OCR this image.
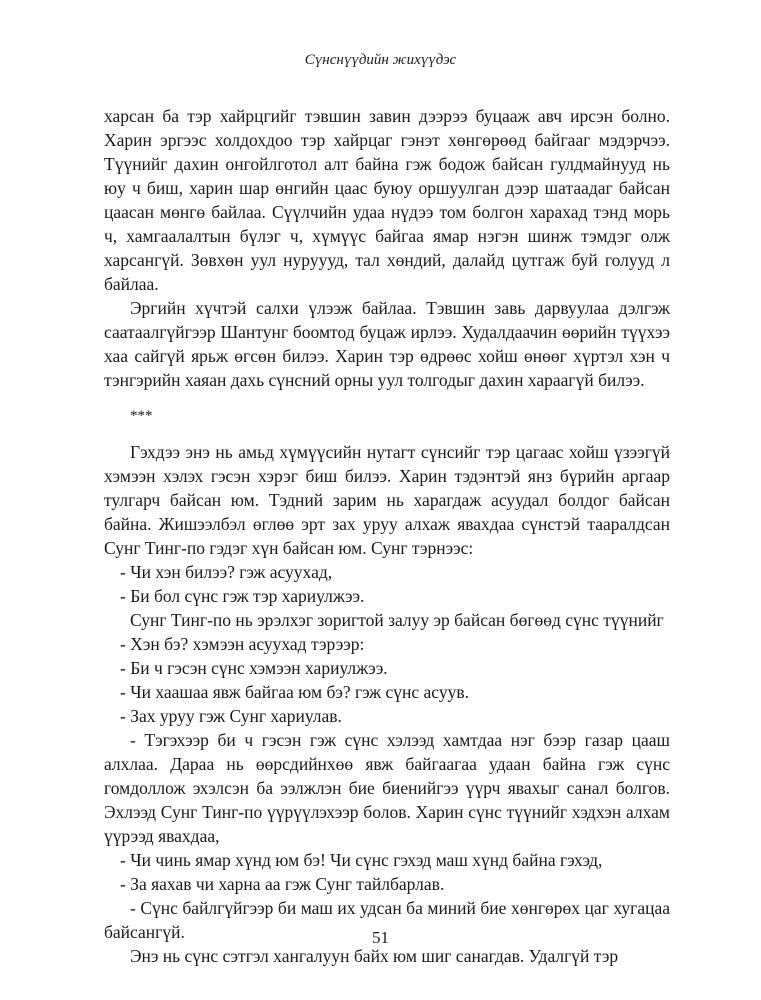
Сүнснүүдийн жихүүдэс

харсан ба тэр хайрцгийг тэвшин завин дээрээ буцааж авч ирсэн болно. Харин эргээс холдохдоо тэр хайрцаг гэнэт хөнгөрөөд байгааг мэдэрчээ. Түүнийг дахин онгойлготол алт байна гэж бодож байсан гулдмайнууд нь юу ч биш, харин шар өнгийн цаас буюу оршуулган дээр шатаадаг байсан цаасан мөнгө байлаа. Сүүлчийн удаа нүдээ том болгон харахад тэнд морь ч, хамгаалалтын бүлэг ч, хүмүүс байгаа ямар нэгэн шинж тэмдэг олж харсангүй. Зөвхөн уул нуруууд, тал хөндий, далайд цутгаж буй голууд л байлаа.

Эргийн хүчтэй салхи үлээж байлаа. Тэвшин завь дарвуулаа дэлгэж саатаалгүйгээр Шантунг боомтод буцаж ирлээ. Худалдаачин өөрийн түүхээ хаа сайгүй ярьж өгсөн билээ. Харин тэр өдрөөс хойш өнөөг хүртэл хэн ч тэнгэрийн хаяан дахь сүнсний орны уул толгодыг дахин хараагүй билээ.

***

Гэхдээ энэ нь амьд хүмүүсийн нутагт сүнсийг тэр цагаас хойш үзээгүй хэмээн хэлэх гэсэн хэрэг биш билээ. Харин тэдэнтэй янз бүрийн аргаар тулгарч байсан юм. Тэдний зарим нь харагдаж асуудал болдог байсан байна. Жишээлбэл өглөө эрт зах уруу алхаж явахдаа сүнстэй таарaлдсан Сунг Тинг-по гэдэг хүн байсан юм. Сунг тэрнээс:

- Чи хэн билээ? гэж асуухад,

- Би бол сүнс гэж тэр хариулжээ.

Сунг Тинг-по нь эрэлхэг зоригтой залуу эр байсан бөгөөд сүнс түүнийг

- Хэн бэ? хэмээн асуухад тэрээр:

- Би ч гэсэн сүнс хэмээн хариулжээ.

- Чи хаашаа явж байгаа юм бэ? гэж сүнс асуув.

- Зах уруу гэж Сунг хариулав.

- Тэгэхээр би ч гэсэн гэж сүнс хэлээд хамтдаа нэг бээр газар цааш алхлаа. Дараа нь өөрсдийнхөө явж байгаагаа удаан байна гэж сүнс гомдоллож эхэлсэн ба ээлжлэн бие биенийгээ үүрч явахыг санал болгов. Эхлээд Сунг Тинг-по үүрүүлэхээр болов. Харин сүнс түүнийг хэдхэн алхам үүрээд явахдаа,

- Чи чинь ямар хүнд юм бэ! Чи сүнс гэхэд маш хүнд байна гэхэд,

- За яахав чи харна аа гэж Сунг тайлбарлав.

- Сүнс байлгүйгээр би маш их удсан ба миний бие хөнгөрөх цаг хугацаа байсангүй.

Энэ нь сүнс сэтгэл хангалуун байх юм шиг санагдав. Удалгүй тэр

51
